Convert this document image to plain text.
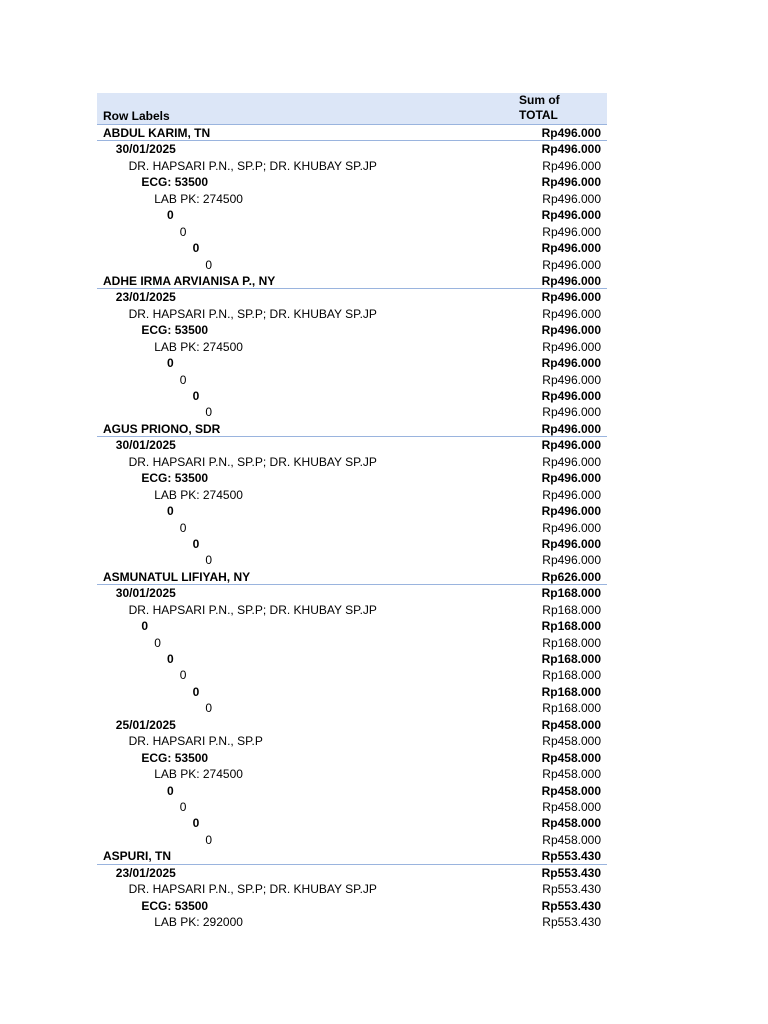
Row Labels
Sum of
TOTAL
ABDUL KARIM, TN	Rp496.000
30/01/2025	Rp496.000
DR. HAPSARI P.N., SP.P; DR. KHUBAY SP.JP	Rp496.000
ECG: 53500	Rp496.000
LAB PK: 274500	Rp496.000
0	Rp496.000
0	Rp496.000
0	Rp496.000
0	Rp496.000
ADHE IRMA ARVIANISA P., NY	Rp496.000
23/01/2025	Rp496.000
DR. HAPSARI P.N., SP.P; DR. KHUBAY SP.JP	Rp496.000
ECG: 53500	Rp496.000
LAB PK: 274500	Rp496.000
0	Rp496.000
0	Rp496.000
0	Rp496.000
0	Rp496.000
AGUS PRIONO, SDR	Rp496.000
30/01/2025	Rp496.000
DR. HAPSARI P.N., SP.P; DR. KHUBAY SP.JP	Rp496.000
ECG: 53500	Rp496.000
LAB PK: 274500	Rp496.000
0	Rp496.000
0	Rp496.000
0	Rp496.000
0	Rp496.000
ASMUNATUL LIFIYAH, NY	Rp626.000
30/01/2025	Rp168.000
DR. HAPSARI P.N., SP.P; DR. KHUBAY SP.JP	Rp168.000
0	Rp168.000
0	Rp168.000
0	Rp168.000
0	Rp168.000
0	Rp168.000
0	Rp168.000
25/01/2025	Rp458.000
DR. HAPSARI P.N., SP.P	Rp458.000
ECG: 53500	Rp458.000
LAB PK: 274500	Rp458.000
0	Rp458.000
0	Rp458.000
0	Rp458.000
0	Rp458.000
ASPURI, TN	Rp553.430
23/01/2025	Rp553.430
DR. HAPSARI P.N., SP.P; DR. KHUBAY SP.JP	Rp553.430
ECG: 53500	Rp553.430
LAB PK: 292000	Rp553.430
